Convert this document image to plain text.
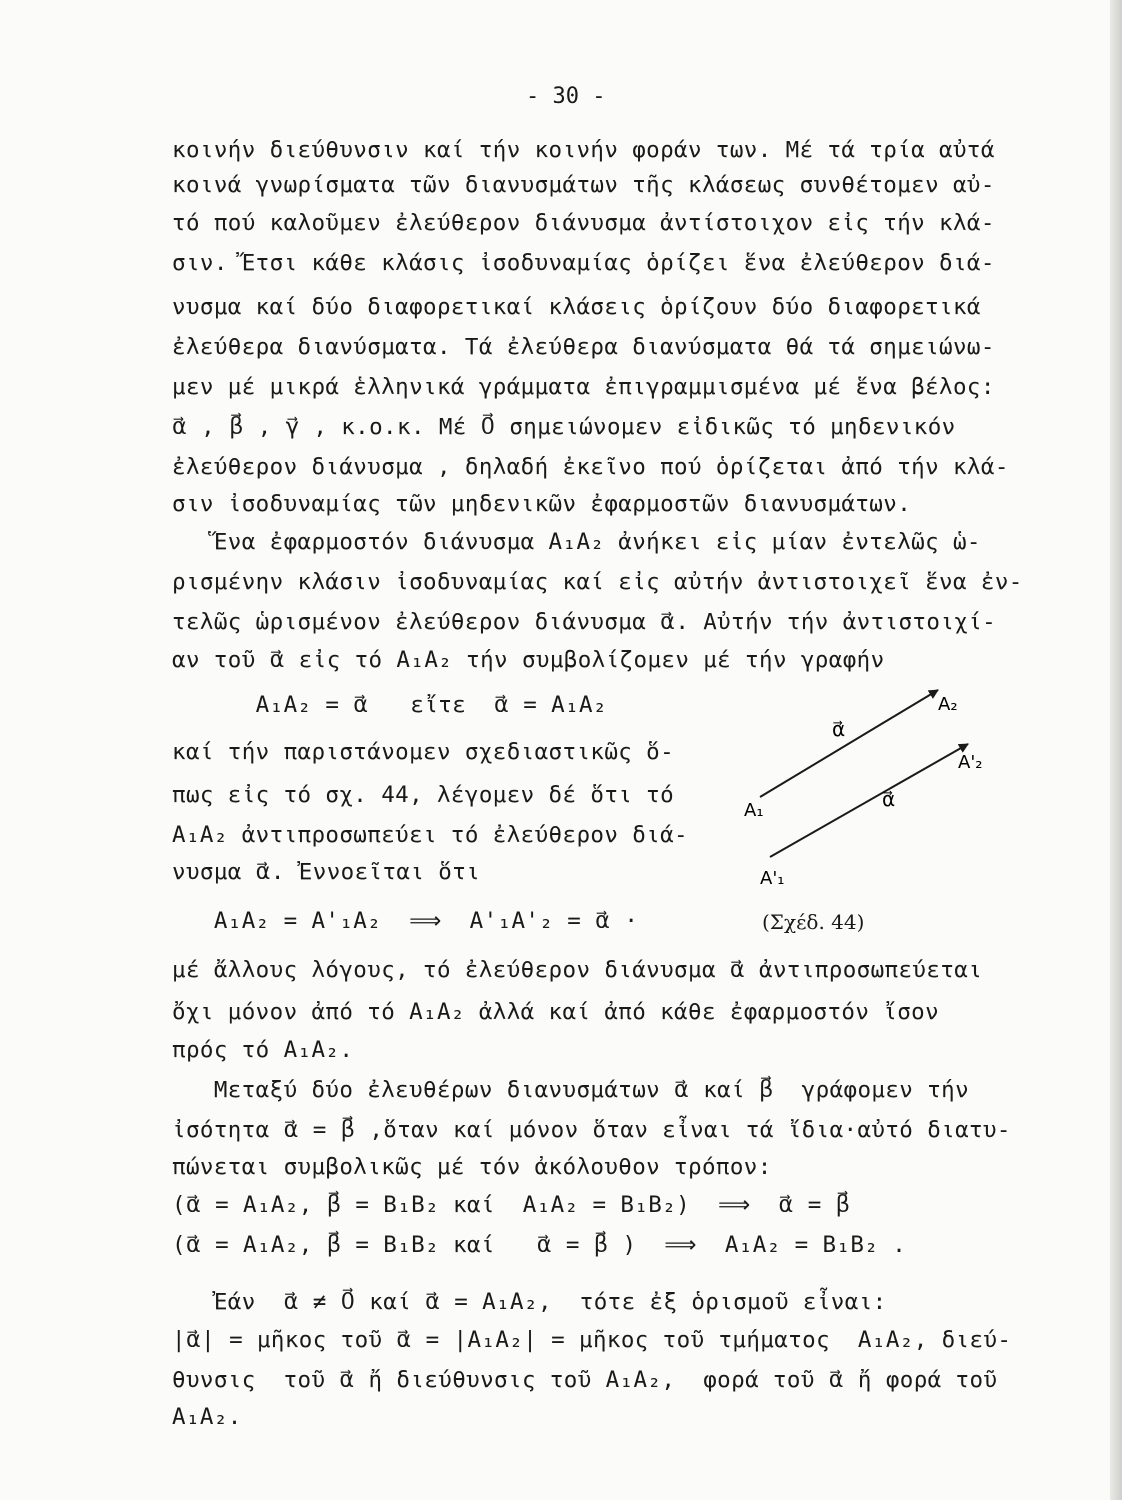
- 30 -
κοινήν διεύθυνσιν καί τήν κοινήν φοράν των. Μέ τά τρία αὐτά
κοινά γνωρίσματα τῶν διανυσμάτων τῆς κλάσεως συνθέτομεν αὐ-
τό πού καλοῦμεν ἐλεύθερον διάνυσμα ἀντίστοιχον εἰς τήν κλά-
σιν. Ἔτσι κάθε κλάσις ἰσοδυναμίας ὁρίζει ἕνα ἐλεύθερον διά-
νυσμα καί δύο διαφορετικαί κλάσεις ὁρίζουν δύο διαφορετικά
ἐλεύθερα διανύσματα. Τά ἐλεύθερα διανύσματα θά τά σημειώνω-
μεν μέ μικρά ἑλληνικά γράμματα ἐπιγραμμισμένα μέ ἕνα βέλος:
α⃗ , β⃗ , γ⃗ , κ.ο.κ. Μέ 0⃗ σημειώνομεν εἰδικῶς τό μηδενικόν
ἐλεύθερον διάνυσμα , δηλαδή ἐκεῖνο πού ὁρίζεται ἀπό τήν κλά-
σιν ἰσοδυναμίας τῶν μηδενικῶν ἐφαρμοστῶν διανυσμάτων.
Ἕνα ἐφαρμοστόν διάνυσμα A₁A₂ ἀνήκει εἰς μίαν ἐντελῶς ὡ-
ρισμένην κλάσιν ἰσοδυναμίας καί εἰς αὐτήν ἀντιστοιχεῖ ἕνα ἐν-
τελῶς ὡρισμένον ἐλεύθερον διάνυσμα α⃗. Αὐτήν τήν ἀντιστοιχί-
αν τοῦ α⃗ εἰς τό A₁A₂ τήν συμβολίζομεν μέ τήν γραφήν
A₁A₂ = α⃗   εἴτε  α⃗ = A₁A₂
καί τήν παριστάνομεν σχεδιαστικῶς ὅ-
πως εἰς τό σχ. 44, λέγομεν δέ ὅτι τό
A₁A₂ ἀντιπροσωπεύει τό ἐλεύθερον διά-
νυσμα α⃗. Ἐννοεῖται ὅτι
A₁A₂ = A'₁A₂  ⟹  A'₁A'₂ = α⃗ ·
μέ ἄλλους λόγους, τό ἐλεύθερον διάνυσμα α⃗ ἀντιπροσωπεύεται
ὄχι μόνον ἀπό τό A₁A₂ ἀλλά καί ἀπό κάθε ἐφαρμοστόν ἴσον
πρός τό A₁A₂.
Μεταξύ δύο ἐλευθέρων διανυσμάτων α⃗ καί β⃗  γράφομεν τήν
ἰσότητα α⃗ = β⃗ ,ὅταν καί μόνον ὅταν εἶναι τά ἴδια·αὐτό διατυ-
πώνεται συμβολικῶς μέ τόν ἀκόλουθον τρόπον:
(α⃗ = A₁A₂, β⃗ = B₁B₂ καί  A₁A₂ = B₁B₂)  ⟹  α⃗ = β⃗
(α⃗ = A₁A₂, β⃗ = B₁B₂ καί   α⃗ = β⃗ )  ⟹  A₁A₂ = B₁B₂ .
Ἐάν  α⃗ ≠ 0⃗ καί α⃗ = A₁A₂,  τότε ἐξ ὁρισμοῦ εἶναι:
|α⃗| = μῆκος τοῦ α⃗ = |A₁A₂| = μῆκος τοῦ τμήματος  A₁A₂, διεύ-
θυνσις  τοῦ α⃗ ἤ διεύθυνσις τοῦ A₁A₂,  φορά τοῦ α⃗ ἤ φορά τοῦ
A₁A₂.
A₁
A₂
A'₁
A'₂
α⃗
α⃗
(Σχέδ. 44)
